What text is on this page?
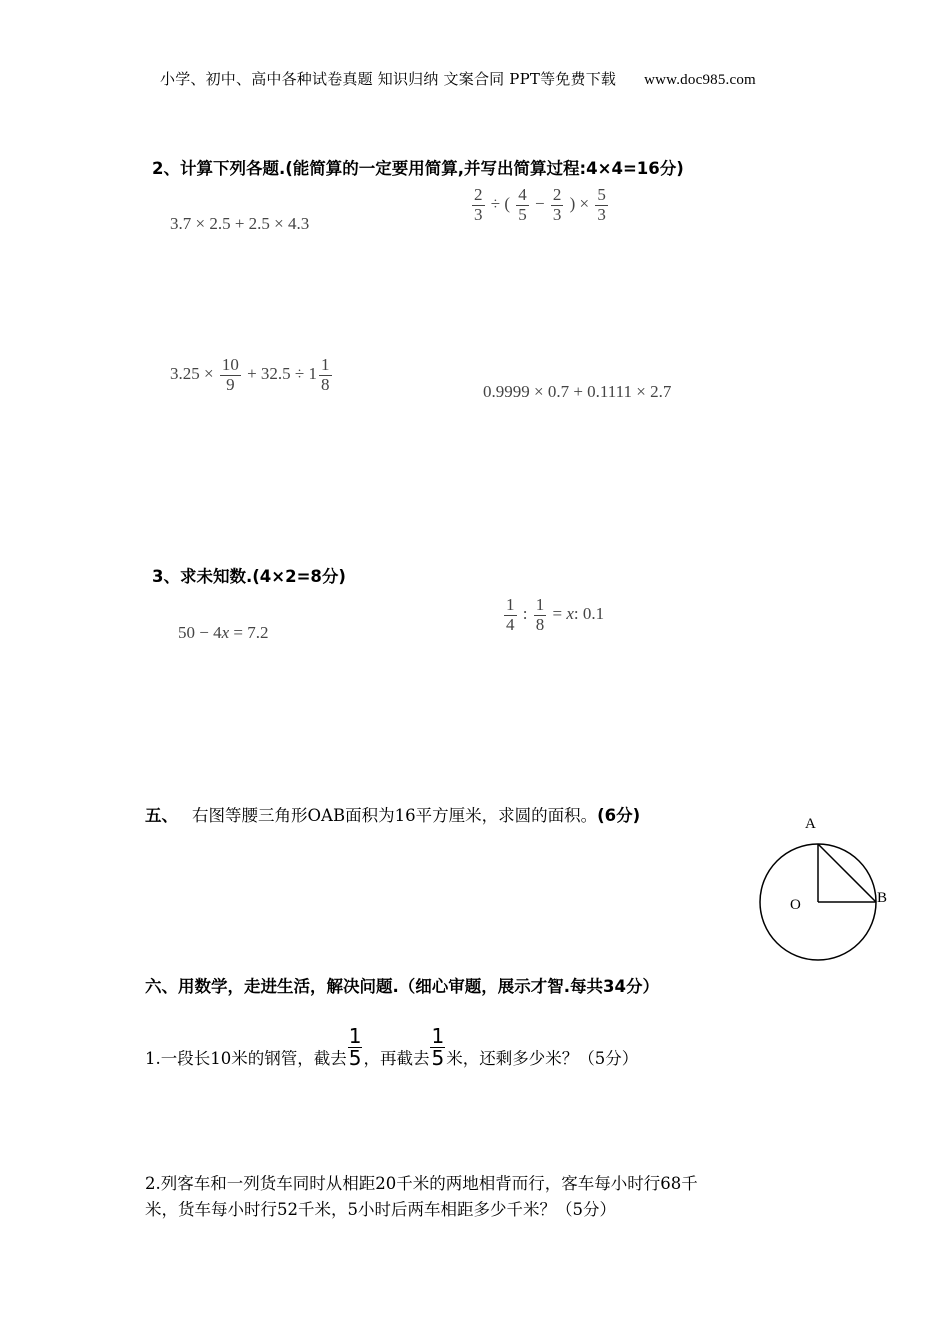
小学、初中、高中各种试卷真题 知识归纳 文案合同 PPT等免费下载 www.doc985.com
2、计算下列各题.(能简算的一定要用简算,并写出简算过程:4×4=16分)
3.7 × 2.5 + 2.5 × 4.3	$\frac{2}{3}$ ÷ ( $\frac{4}{5} - \frac{2}{3}$ ) × $\frac{5}{3}$
$3.25 \times \frac{10}{9} + 32.5 \div 1 \frac{1}{8}$	0.9999 × 0.7 + 0.1111 × 2.7
3、求未知数.(4×2=8分)
50 − 4x = 7.2	$\frac{1}{4}$ : $\frac{1}{8} = x$: 0.1
五、 右图等腰三角形OAB面积为16平方厘米，求圆的面积。(6分)	A
B
O
六、用数学，走进生活，解决问题.（细心审题，展示才智.每共34分）
1.一段长10米的钢管，截去 $\frac{1}{5}$ ，再截去 $\frac{1}{5}$ 米，还剩多少米？（5分）
2.列客车和一列货车同时从相距20千米的两地相背而行，客车每小时行68千
米，货车每小时行52千米，5小时后两车相距多少千米？（5分）
